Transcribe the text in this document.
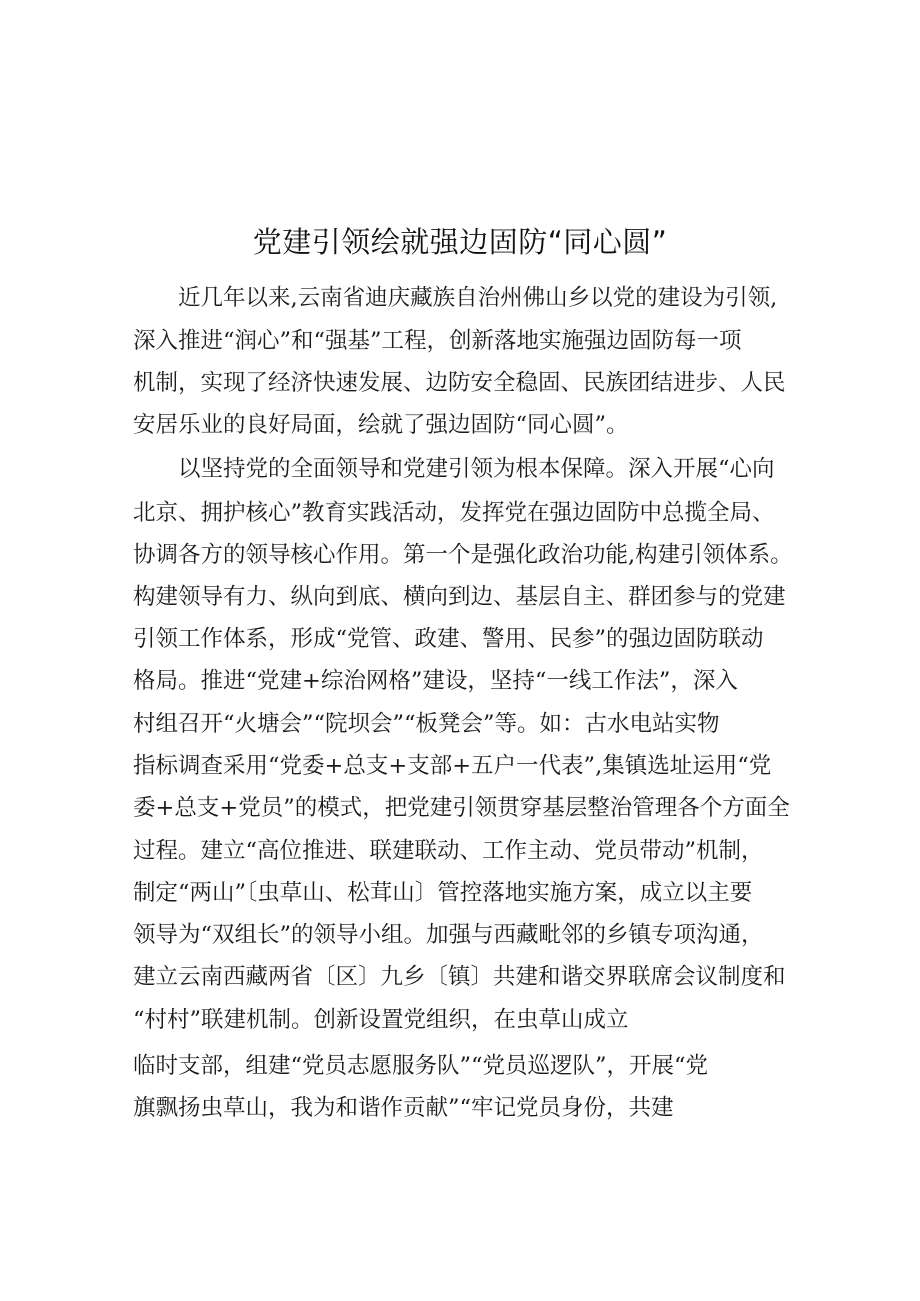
党建引领绘就强边固防“同心圆”
近几年以来,云南省迪庆藏族自治州佛山乡以党的建设为引领,
深入推进“润心”和“强基”工程，创新落地实施强边固防每一项
机制，实现了经济快速发展、边防安全稳固、民族团结进步、人民
安居乐业的良好局面，绘就了强边固防“同心圆”。
以坚持党的全面领导和党建引领为根本保障。深入开展“心向
北京、拥护核心”教育实践活动，发挥党在强边固防中总揽全局、
协调各方的领导核心作用。第一个是强化政治功能,构建引领体系。
构建领导有力、纵向到底、横向到边、基层自主、群团参与的党建
引领工作体系，形成“党管、政建、警用、民参”的强边固防联动
格局。推进“党建+综治网格”建设，坚持“一线工作法”，深入
村组召开“火塘会”“院坝会”“板凳会”等。如：古水电站实物
指标调查采用“党委+总支+支部+五户一代表”,集镇选址运用“党
委+总支+党员”的模式，把党建引领贯穿基层整治管理各个方面全
过程。建立“高位推进、联建联动、工作主动、党员带动”机制，
制定“两山”〔虫草山、松茸山〕管控落地实施方案，成立以主要
领导为“双组长”的领导小组。加强与西藏毗邻的乡镇专项沟通，
建立云南西藏两省〔区〕九乡〔镇〕共建和谐交界联席会议制度和
“村村”联建机制。创新设置党组织，在虫草山成立
临时支部，组建“党员志愿服务队”“党员巡逻队”，开展“党
旗飘扬虫草山，我为和谐作贡献”“牢记党员身份，共建
